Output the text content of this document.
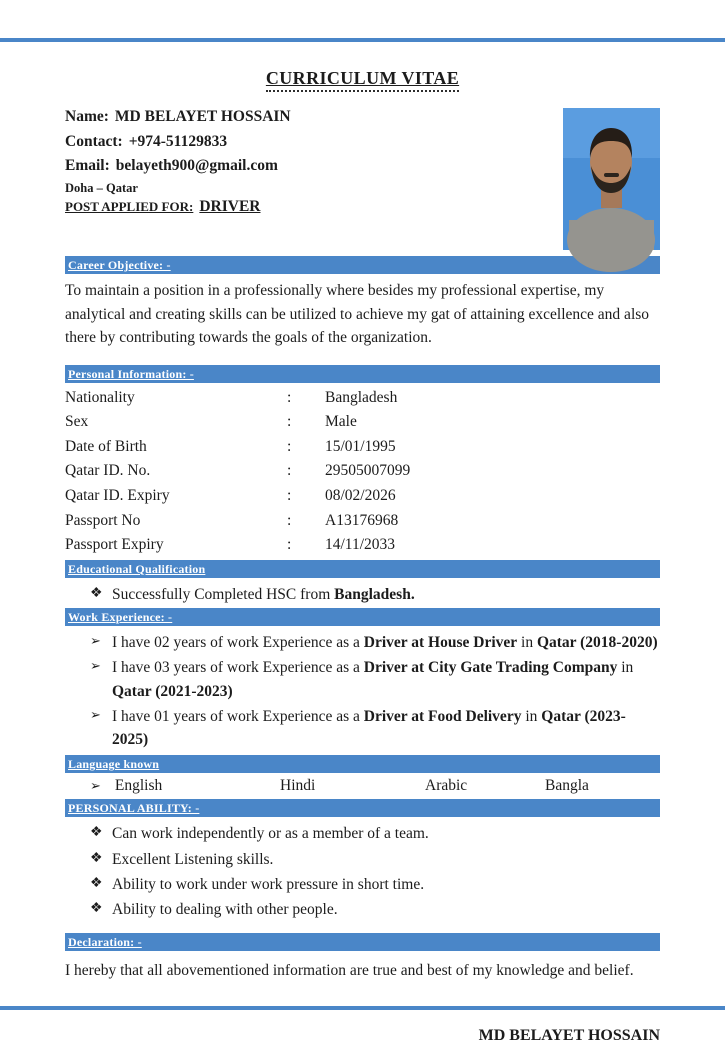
CURRICULUM VITAE

Name: MD BELAYET HOSSAIN

Contact: +974-51129833

Email: belayeth900@gmail.com

Doha – Qatar

POST APPLIED FOR: DRIVER

Career Objective: -

To maintain a position in a professionally where besides my professional expertise, my analytical and creating skills can be utilized to achieve my gat of attaining excellence and also there by contributing towards the goals of the organization.

Personal Information: -
Nationality	:	Bangladesh
Sex	:	Male
Date of Birth	:	15/01/1995
Qatar ID. No.	:	29505007099
Qatar ID. Expiry	:	08/02/2026
Passport No	:	A13176968
Passport Expiry	:	14/11/2033
Educational Qualification
❖ Successfully Completed HSC from Bangladesh.
Work Experience: -
➢ I have 02 years of work Experience as a Driver at House Driver in Qatar (2018-2020)
➢ I have 03 years of work Experience as a Driver at City Gate Trading Company in Qatar (2021-2023)
➢ I have 01 years of work Experience as a Driver at Food Delivery in Qatar (2023-2025)
Language known
➢ English	Hindi	Arabic	Bangla
PERSONAL ABILITY: -
❖ Can work independently or as a member of a team.
❖ Excellent Listening skills.
❖ Ability to work under work pressure in short time.
❖ Ability to dealing with other people.
Declaration: -

I hereby that all abovementioned information are true and best of my knowledge and belief.

MD BELAYET HOSSAIN
